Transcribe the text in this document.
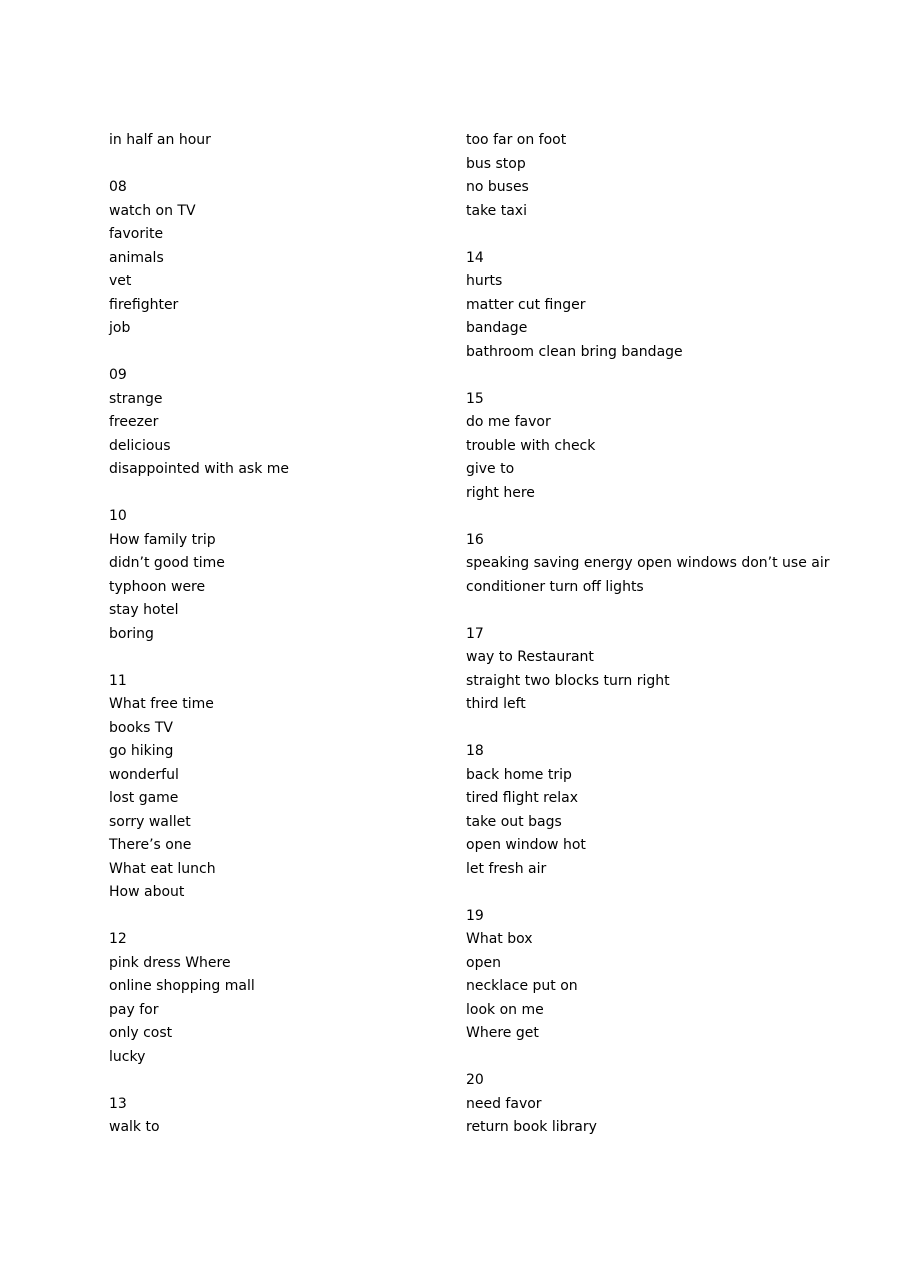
in half an hour
08
watch on TV
favorite
animals
vet
firefighter
job
09
strange
freezer
delicious
disappointed with ask me
10
How family trip
didn’t good time
typhoon were
stay hotel
boring
11
What free time
books TV
go hiking
wonderful
lost game
sorry wallet
There’s one
What eat lunch
How about
12
pink dress Where
online shopping mall
pay for
only cost
lucky
13
walk to
too far on foot
bus stop
no buses
take taxi
14
hurts
matter cut finger
bandage
bathroom clean bring bandage
15
do me favor
trouble with check
give to
right here
16
speaking saving energy open windows don’t use air
conditioner turn off lights
17
way to Restaurant
straight two blocks turn right
third left
18
back home trip
tired flight relax
take out bags
open window hot
let fresh air
19
What box
open
necklace put on
look on me
Where get
20
need favor
return book library
